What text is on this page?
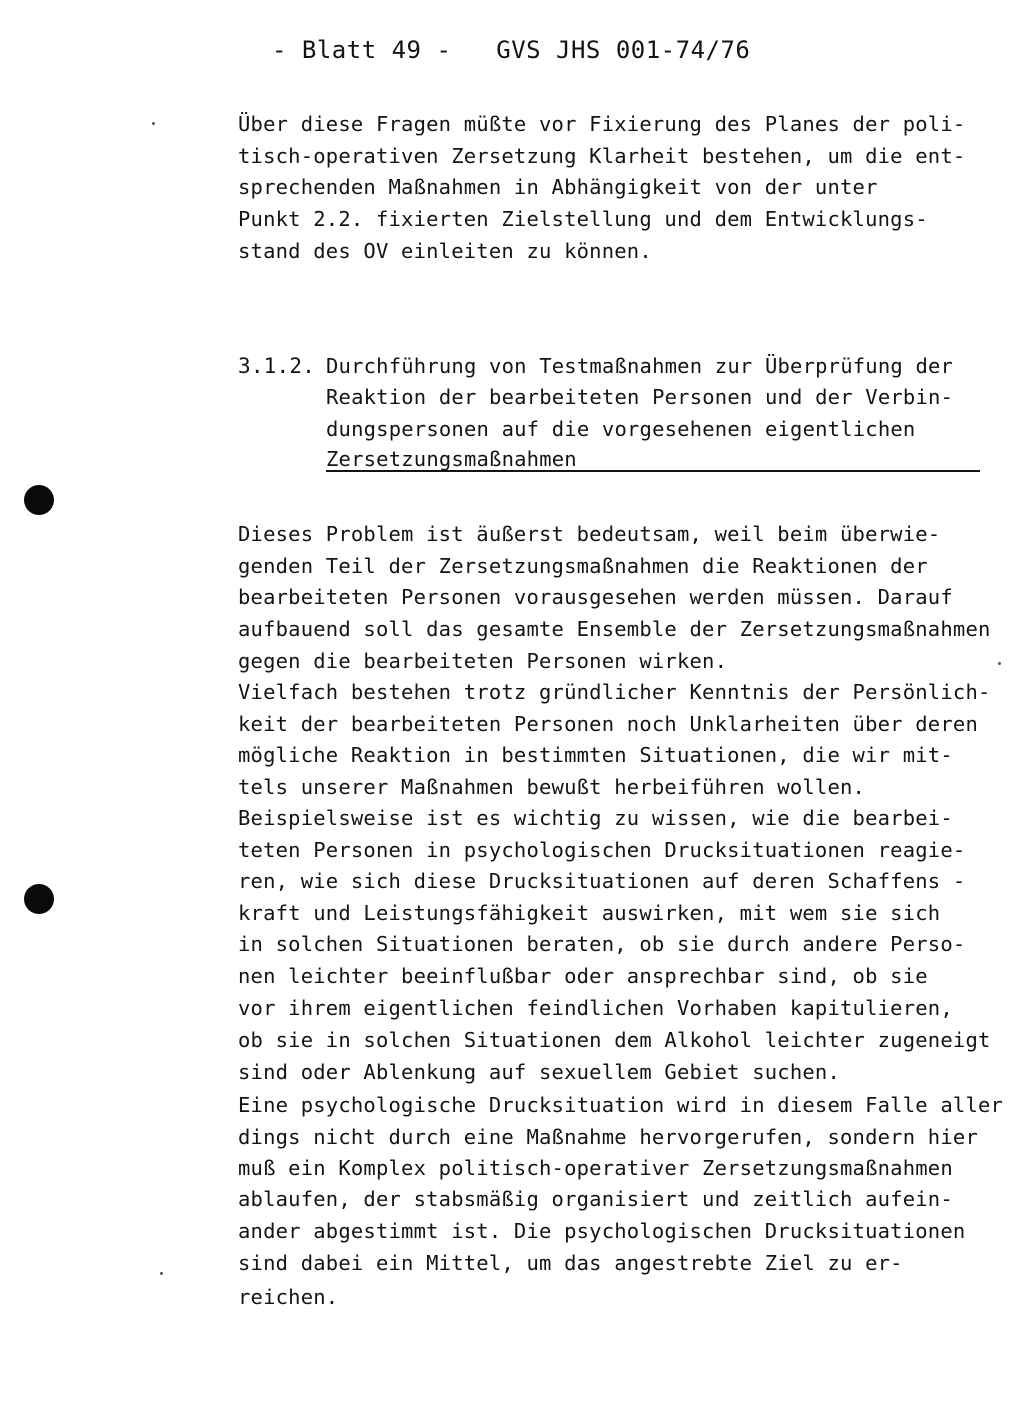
- Blatt 49 -   GVS JHS 001-74/76
Über diese Fragen müßte vor Fixierung des Planes der poli-
tisch-operativen Zersetzung Klarheit bestehen, um die ent-
sprechenden Maßnahmen in Abhängigkeit von der unter
Punkt 2.2. fixierten Zielstellung und dem Entwicklungs-
stand des OV einleiten zu können.
3.1.2. Durchführung von Testmaßnahmen zur Überprüfung der
Reaktion der bearbeiteten Personen und der Verbin-
dungspersonen auf die vorgesehenen eigentlichen
Zersetzungsmaßnahmen
Dieses Problem ist äußerst bedeutsam, weil beim überwie-
genden Teil der Zersetzungsmaßnahmen die Reaktionen der
bearbeiteten Personen vorausgesehen werden müssen. Darauf
aufbauend soll das gesamte Ensemble der Zersetzungsmaßnahmen
gegen die bearbeiteten Personen wirken.
Vielfach bestehen trotz gründlicher Kenntnis der Persönlich-
keit der bearbeiteten Personen noch Unklarheiten über deren
mögliche Reaktion in bestimmten Situationen, die wir mit-
tels unserer Maßnahmen bewußt herbeiführen wollen.
Beispielsweise ist es wichtig zu wissen, wie die bearbei-
teten Personen in psychologischen Drucksituationen reagie-
ren, wie sich diese Drucksituationen auf deren Schaffens -
kraft und Leistungsfähigkeit auswirken, mit wem sie sich
in solchen Situationen beraten, ob sie durch andere Perso-
nen leichter beeinflußbar oder ansprechbar sind, ob sie
vor ihrem eigentlichen feindlichen Vorhaben kapitulieren,
ob sie in solchen Situationen dem Alkohol leichter zugeneigt
sind oder Ablenkung auf sexuellem Gebiet suchen.
Eine psychologische Drucksituation wird in diesem Falle aller
dings nicht durch eine Maßnahme hervorgerufen, sondern hier
muß ein Komplex politisch-operativer Zersetzungsmaßnahmen
ablaufen, der stabsmäßig organisiert und zeitlich aufein-
ander abgestimmt ist. Die psychologischen Drucksituationen
sind dabei ein Mittel, um das angestrebte Ziel zu er-
reichen.
